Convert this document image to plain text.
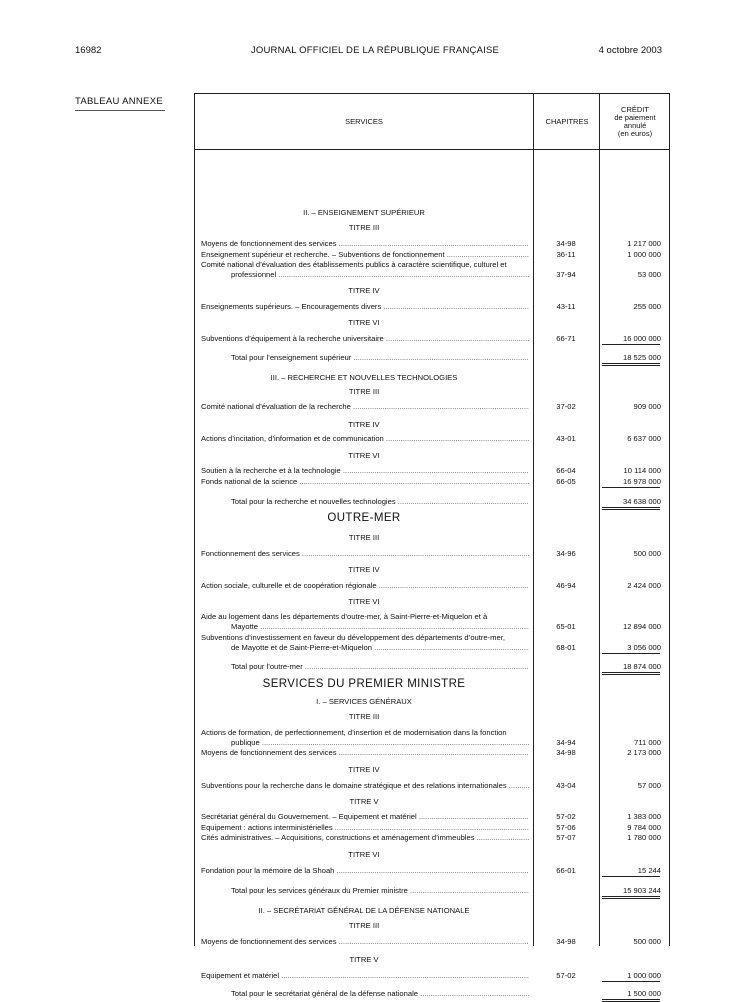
16982	JOURNAL OFFICIEL DE LA RÉPUBLIQUE FRANÇAISE	4 octobre 2003
TABLEAU ANNEXE
SERVICES	CHAPITRES
CRÉDIT
de paiement
annulé
(en euros)
II. – ENSEIGNEMENT SUPÉRIEUR
TITRE III
Moyens de fonctionnement des services .....	34-98	1 217 000
Enseignement supérieur et recherche. – Subventions de fonctionnement .....	36-11	1 000 000
Comité national d’évaluation des établissements publics à caractère scientifique, culturel et
professionnel .....	37-94	53 000
TITRE IV
Enseignements supérieurs. – Encouragements divers .....	43-11	255 000
TITRE VI
Subventions d’équipement à la recherche universitaire .....	66-71	16 000 000
Total pour l’enseignement supérieur .....	18 525 000
III. – RECHERCHE ET NOUVELLES TECHNOLOGIES
TITRE III
Comité national d’évaluation de la recherche .....	37-02	909 000
TITRE IV
Actions d’incitation, d’information et de communication .....	43-01	6 637 000
TITRE VI
Soutien à la recherche et à la technologie .....	66-04	10 114 000
Fonds national de la science .....	66-05	16 978 000
Total pour la recherche et nouvelles technologies .....	34 638 000
OUTRE-MER
TITRE III
Fonctionnement des services .....	34-96	500 000
TITRE IV
Action sociale, culturelle et de coopération régionale .....	46-94	2 424 000
TITRE VI
Aide au logement dans les départements d’outre-mer, à Saint-Pierre-et-Miquelon et à
Mayotte .....	65-01	12 894 000
Subventions d’investissement en faveur du développement des départements d’outre-mer,
de Mayotte et de Saint-Pierre-et-Miquelon .....	68-01	3 056 000
Total pour l’outre-mer .....	18 874 000
SERVICES DU PREMIER MINISTRE
I. – SERVICES GÉNÉRAUX
TITRE III
Actions de formation, de perfectionnement, d’insertion et de modernisation dans la fonction
publique .....	34-94	711 000
Moyens de fonctionnement des services .....	34-98	2 173 000
TITRE IV
Subventions pour la recherche dans le domaine stratégique et des relations internationales .....	43-04	57 000
TITRE V
Secrétariat général du Gouvernement. – Equipement et matériel .....	57-02	1 383 000
Equipement : actions interministérielles .....	57-06	9 784 000
Cités administratives. – Acquisitions, constructions et aménagement d’immeubles .....	57-07	1 780 000
TITRE VI
Fondation pour la mémoire de la Shoah .....	66-01	15 244
Total pour les services généraux du Premier ministre .....	15 903 244
II. – SECRÉTARIAT GÉNÉRAL DE LA DÉFENSE NATIONALE
TITRE III
Moyens de fonctionnement des services .....	34-98	500 000
TITRE V
Equipement et matériel .....	57-02	1 000 000
Total pour le secrétariat général de la défense nationale .....	1 500 000
